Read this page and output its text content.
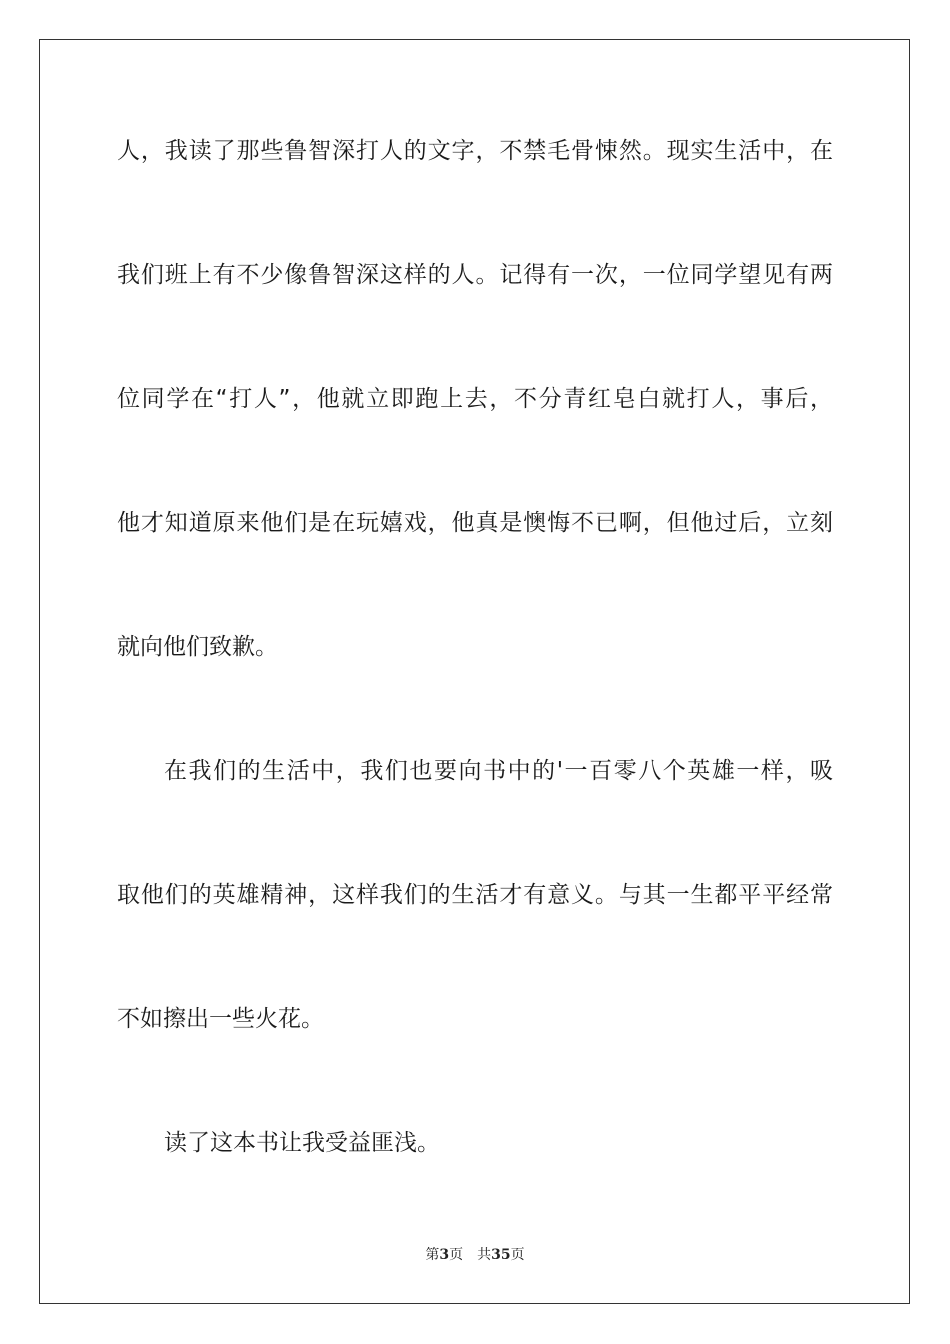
人，我读了那些鲁智深打人的文字，不禁毛骨悚然。现实生活中，在
我们班上有不少像鲁智深这样的人。记得有一次，一位同学望见有两
位同学在“打人”，他就立即跑上去，不分青红皂白就打人，事后，
他才知道原来他们是在玩嬉戏，他真是懊悔不已啊，但他过后，立刻
就向他们致歉。
在我们的生活中，我们也要向书中的'一百零八个英雄一样，吸
取他们的英雄精神，这样我们的生活才有意义。与其一生都平平经常
不如擦出一些火花。
读了这本书让我受益匪浅。
第3页 共35页
